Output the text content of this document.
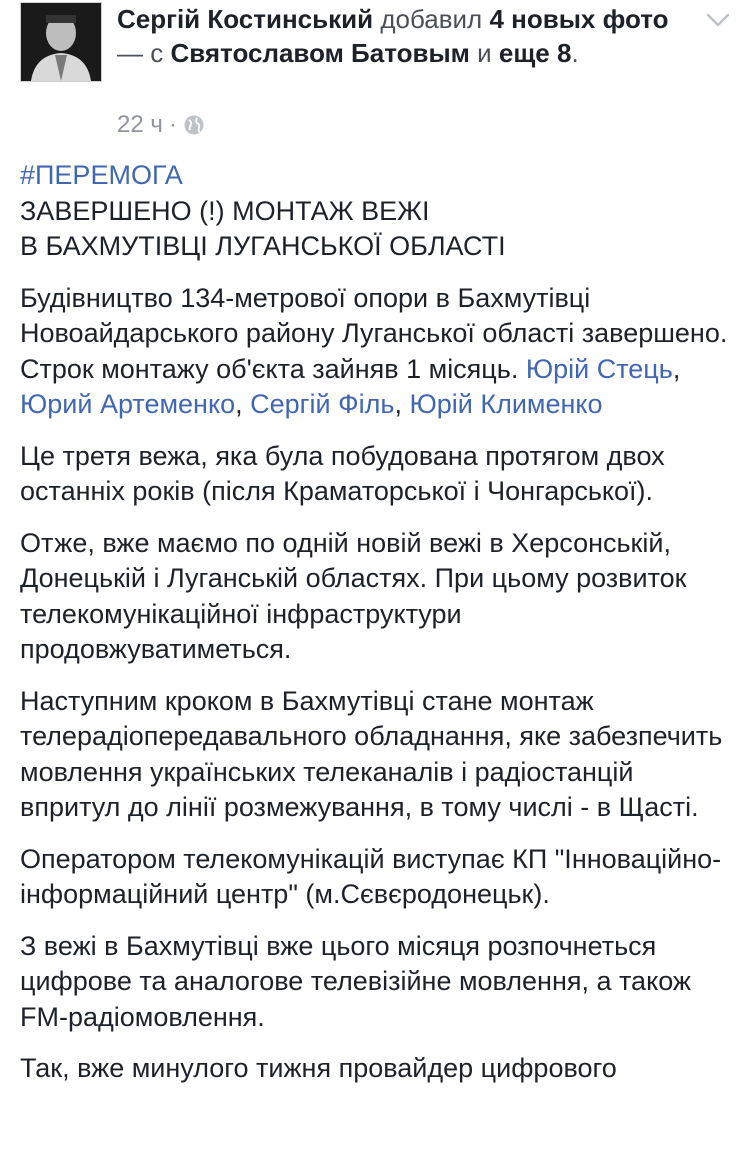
Сергій Костинський добавил 4 новых фото — с Святославом Батовым и еще 8.
22 ч ·

#ПЕРЕМОГА
ЗАВЕРШЕНО (!) МОНТАЖ ВЕЖІ
В БАХМУТІВЦІ ЛУГАНСЬКОЇ ОБЛАСТІ

Будівництво 134-метрової опори в Бахмутівці Новоайдарського району Луганської області завершено. Строк монтажу об'єкта зайняв 1 місяць. Юрій Стець, Юрий Артеменко, Сергій Філь, Юрій Клименко

Це третя вежа, яка була побудована протягом двох останніх років (після Краматорської і Чонгарської).

Отже, вже маємо по одній новій вежі в Херсонській, Донецькій і Луганській областях. При цьому розвиток телекомунікаційної інфраструктури продовжуватиметься.

Наступним кроком в Бахмутівці стане монтаж телерадіопередавального обладнання, яке забезпечить мовлення українських телеканалів і радіостанцій впритул до лінії розмежування, в тому числі - в Щасті.

Оператором телекомунікацій виступає КП "Інноваційно-інформаційний центр" (м.Сєвєродонецьк).

З вежі в Бахмутівці вже цього місяця розпочнеться цифрове та аналогове телевізійне мовлення, а також FM-радіомовлення.

Так, вже минулого тижня провайдер цифрового
